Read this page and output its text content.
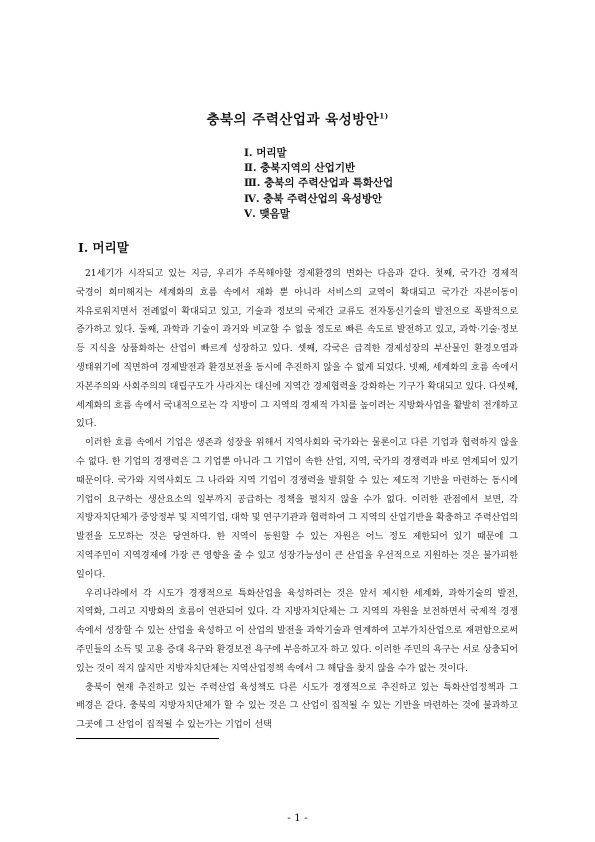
충북의 주력산업과 육성방안$^{1)}$
Ⅰ. 머리말
Ⅱ. 충북지역의 산업기반
Ⅲ. 충북의 주력산업과 특화산업
Ⅳ. 충북 주력산업의 육성방안
Ⅴ. 맺음말
Ⅰ. 머리말

21세기가 시작되고 있는 지금, 우리가 주목해야할 경제환경의 변화는 다음과 같다. 첫째, 국가간 경제적 국경이 희미해지는 세계화의 흐름 속에서 재화 뿐 아니라 서비스의 교역이 확대되고 국가간 자본이동이 자유로워지면서 전례없이 확대되고 있고, 기술과 정보의 국제간 교류도 전자통신기술의 발전으로 폭발적으로 증가하고 있다. 둘째, 과학과 기술이 과거와 비교할 수 없을 정도로 빠른 속도로 발전하고 있고, 과학·기술·정보 등 지식을 상품화하는 산업이 빠르게 성장하고 있다. 셋째, 각국은 급격한 경제성장의 부산물인 환경오염과 생태위기에 직면하여 경제발전과 환경보전을 동시에 추진하지 않을 수 없게 되었다. 넷째, 세계화의 흐름 속에서 자본주의와 사회주의의 대립구도가 사라지는 대신에 지역간 경제협력을 강화하는 기구가 확대되고 있다. 다섯째, 세계화의 흐름 속에서 국내적으로는 각 지방이 그 지역의 경제적 가치를 높이려는 지방화사업을 활발히 전개하고 있다.

이러한 흐름 속에서 기업은 생존과 성장을 위해서 지역사회와 국가와는 물론이고 다른 기업과 협력하지 않을 수 없다. 한 기업의 경쟁력은 그 기업뿐 아니라 그 기업이 속한 산업, 지역, 국가의 경쟁력과 바로 연계되어 있기 때문이다. 국가와 지역사회도 그 나라와 지역 기업이 경쟁력을 발휘할 수 있는 제도적 기반을 마련하는 동시에 기업이 요구하는 생산요소의 일부까지 공급하는 정책을 펼치지 않을 수가 없다. 이러한 관점에서 보면, 각 지방자치단체가 중앙정부 및 지역기업, 대학 및 연구기관과 협력하여 그 지역의 산업기반을 확충하고 주력산업의 발전을 도모하는 것은 당연하다. 한 지역이 동원할 수 있는 자원은 어느 정도 제한되어 있기 때문에 그 지역주민이 지역경제에 가장 큰 영향을 줄 수 있고 성장가능성이 큰 산업을 우선적으로 지원하는 것은 불가피한 일이다.

우리나라에서 각 시도가 경쟁적으로 특화산업을 육성하려는 것은 앞서 제시한 세계화, 과학기술의 발전, 지역화, 그리고 지방화의 흐름이 연관되어 있다. 각 지방자치단체는 그 지역의 자원을 보전하면서 국제적 경쟁 속에서 성장할 수 있는 산업을 육성하고 이 산업의 발전을 과학기술과 연계하여 고부가치산업으로 재편함으로써 주민들의 소득 및 고용 증대 욕구와 환경보전 욕구에 부응하고자 하고 있다. 이러한 주민의 욕구는 서로 상충되어 있는 것이 적지 않지만 지방자치단체는 지역산업정책 속에서 그 해답을 찾지 않을 수가 없는 것이다.

충북이 현재 추진하고 있는 주력산업 육성책도 다른 시도가 경쟁적으로 추진하고 있는 특화산업정책과 그 배경은 같다. 충북의 지방자치단체가 할 수 있는 것은 그 산업이 집적될 수 있는 기반을 마련하는 것에 불과하고 그곳에 그 산업이 집적될 수 있는가는 기업이 선택

- 1 -
